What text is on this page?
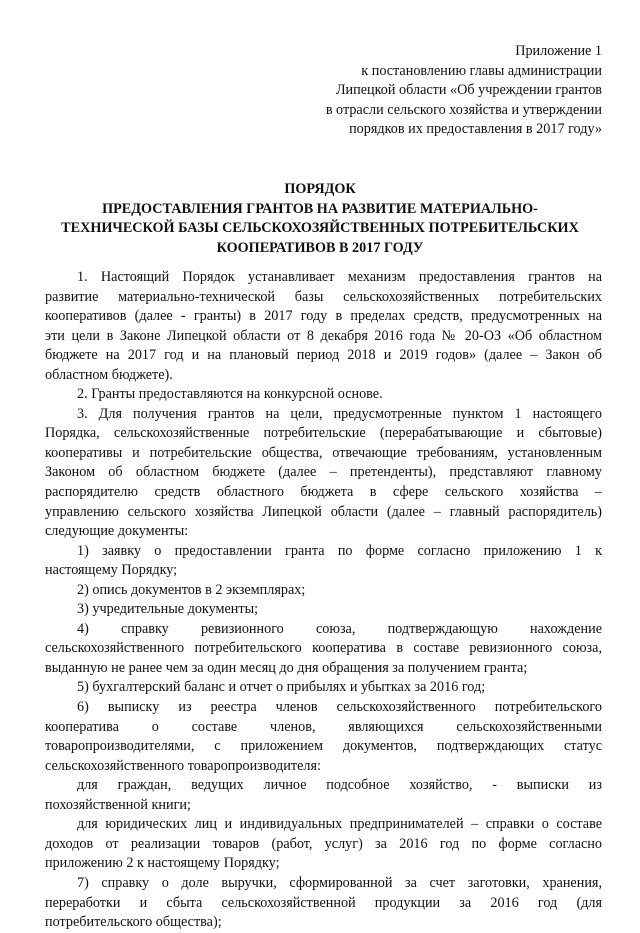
Приложение 1
к постановлению главы администрации
Липецкой области «Об учреждении грантов
в отрасли сельского хозяйства и утверждении
порядков их предоставления в 2017 году»
ПОРЯДОК
ПРЕДОСТАВЛЕНИЯ ГРАНТОВ НА РАЗВИТИЕ МАТЕРИАЛЬНО-
ТЕХНИЧЕСКОЙ БАЗЫ СЕЛЬСКОХОЗЯЙСТВЕННЫХ ПОТРЕБИТЕЛЬСКИХ
КООПЕРАТИВОВ В 2017 ГОДУ
1. Настоящий Порядок устанавливает механизм предоставления грантов на
развитие материально-технической базы сельскохозяйственных потребительских
кооперативов (далее - гранты) в 2017 году в пределах средств, предусмотренных на
эти цели в Законе Липецкой области от 8 декабря 2016 года № 20-ОЗ «Об областном
бюджете на 2017 год и на плановый период 2018 и 2019 годов» (далее – Закон об
областном бюджете).
2. Гранты предоставляются на конкурсной основе.
3. Для получения грантов на цели, предусмотренные пунктом 1 настоящего
Порядка, сельскохозяйственные потребительские (перерабатывающие и сбытовые)
кооперативы и потребительские общества, отвечающие требованиям, установленным
Законом об областном бюджете (далее – претенденты), представляют главному
распорядителю средств областного бюджета в сфере сельского хозяйства –
управлению сельского хозяйства Липецкой области (далее – главный распорядитель)
следующие документы:
1) заявку о предоставлении гранта по форме согласно приложению 1 к
настоящему Порядку;
2) опись документов в 2 экземплярах;
3) учредительные документы;
4) справку ревизионного союза, подтверждающую нахождение
сельскохозяйственного потребительского кооператива в составе ревизионного союза,
выданную не ранее чем за один месяц до дня обращения за получением гранта;
5) бухгалтерский баланс и отчет о прибылях и убытках за 2016 год;
6) выписку из реестра членов сельскохозяйственного потребительского
кооператива о составе членов, являющихся сельскохозяйственными
товаропроизводителями, с приложением документов, подтверждающих статус
сельскохозяйственного товаропроизводителя:
для граждан, ведущих личное подсобное хозяйство, - выписки из
похозяйственной книги;
для юридических лиц и индивидуальных предпринимателей – справки о составе
доходов от реализации товаров (работ, услуг) за 2016 год по форме согласно
приложению 2 к настоящему Порядку;
7) справку о доле выручки, сформированной за счет заготовки, хранения,
переработки и сбыта сельскохозяйственной продукции за 2016 год (для
потребительского общества);
